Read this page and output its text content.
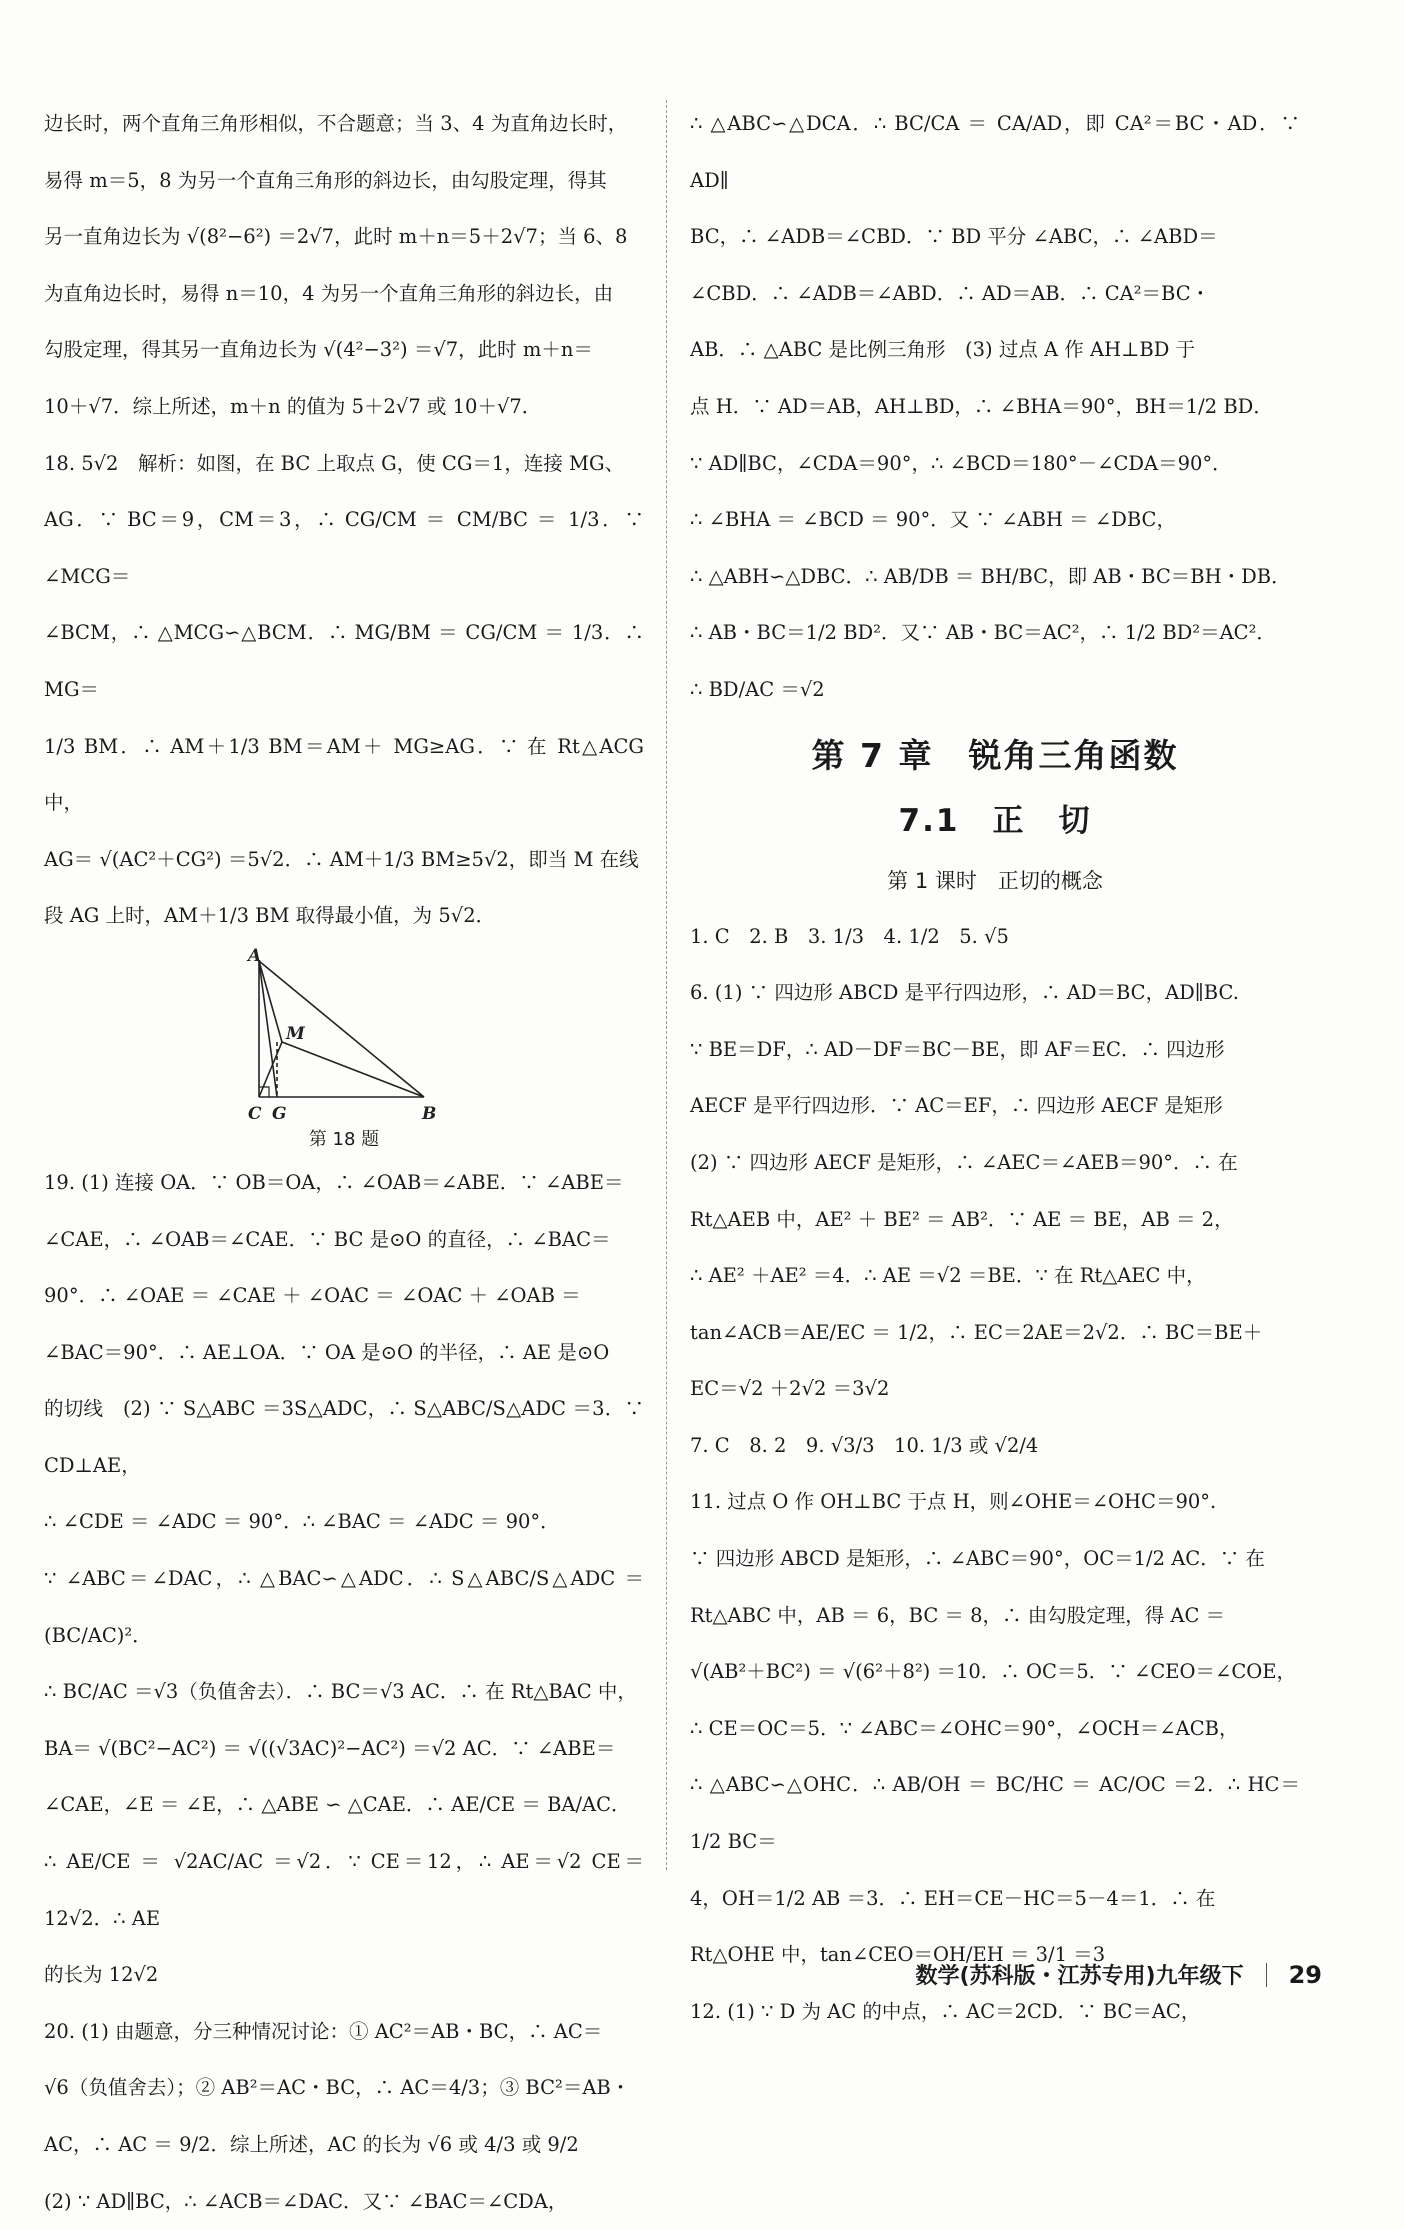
边长时，两个直角三角形相似，不合题意；当 3、4 为直角边长时，

易得 m＝5，8 为另一个直角三角形的斜边长，由勾股定理，得其

另一直角边长为 √(8²−6²) ＝2√7，此时 m＋n＝5＋2√7；当 6、8

为直角边长时，易得 n＝10，4 为另一个直角三角形的斜边长，由

勾股定理，得其另一直角边长为 √(4²−3²) ＝√7，此时 m＋n＝

10＋√7．综上所述，m＋n 的值为 5＋2√7 或 10＋√7．

18. 5√2　解析：如图，在 BC 上取点 G，使 CG＝1，连接 MG、

AG．∵ BC＝9，CM＝3，∴ CG/CM ＝ CM/BC ＝ 1/3．∵ ∠MCG＝

∠BCM，∴ △MCG∽△BCM．∴ MG/BM ＝ CG/CM ＝ 1/3．∴ MG＝

1/3 BM．∴ AM＋1/3 BM＝AM＋ MG≥AG．∵ 在 Rt△ACG 中，

AG＝ √(AC²＋CG²) ＝5√2．∴ AM＋1/3 BM≥5√2，即当 M 在线

段 AG 上时，AM＋1/3 BM 取得最小值，为 5√2．

A
M
C G	B
第 18 题

19. (1) 连接 OA．∵ OB＝OA，∴ ∠OAB＝∠ABE．∵ ∠ABE＝

∠CAE，∴ ∠OAB＝∠CAE．∵ BC 是⊙O 的直径，∴ ∠BAC＝

90°．∴ ∠OAE ＝ ∠CAE ＋ ∠OAC ＝ ∠OAC ＋ ∠OAB ＝

∠BAC＝90°．∴ AE⊥OA．∵ OA 是⊙O 的半径，∴ AE 是⊙O

的切线　(2) ∵ S△ABC ＝3S△ADC，∴ S△ABC/S△ADC ＝3．∵ CD⊥AE，

∴ ∠CDE ＝ ∠ADC ＝ 90°．∴ ∠BAC ＝ ∠ADC ＝ 90°．

∵ ∠ABC＝∠DAC，∴ △BAC∽△ADC．∴ S△ABC/S△ADC ＝(BC/AC)²．

∴ BC/AC ＝√3（负值舍去）．∴ BC＝√3 AC．∴ 在 Rt△BAC 中，

BA＝ √(BC²−AC²) ＝ √((√3AC)²−AC²) ＝√2 AC．∵ ∠ABE＝

∠CAE，∠E ＝ ∠E，∴ △ABE ∽ △CAE．∴ AE/CE ＝ BA/AC．

∴ AE/CE ＝ √2AC/AC ＝√2．∵ CE＝12，∴ AE＝√2 CE＝12√2．∴ AE

的长为 12√2

20. (1) 由题意，分三种情况讨论：① AC²＝AB・BC，∴ AC＝

√6（负值舍去）；② AB²＝AC・BC，∴ AC＝4/3；③ BC²＝AB・

AC，∴ AC ＝ 9/2．综上所述，AC 的长为 √6 或 4/3 或 9/2

(2) ∵ AD∥BC，∴ ∠ACB＝∠DAC．又∵ ∠BAC＝∠CDA，

∴ △ABC∽△DCA．∴ BC/CA ＝ CA/AD，即 CA²＝BC・AD．∵ AD∥

BC，∴ ∠ADB＝∠CBD．∵ BD 平分 ∠ABC，∴ ∠ABD＝

∠CBD．∴ ∠ADB＝∠ABD．∴ AD＝AB．∴ CA²＝BC・

AB．∴ △ABC 是比例三角形　(3) 过点 A 作 AH⊥BD 于

点 H．∵ AD＝AB，AH⊥BD，∴ ∠BHA＝90°，BH＝1/2 BD．

∵ AD∥BC，∠CDA＝90°，∴ ∠BCD＝180°－∠CDA＝90°．

∴ ∠BHA ＝ ∠BCD ＝ 90°．又 ∵ ∠ABH ＝ ∠DBC，

∴ △ABH∽△DBC．∴ AB/DB ＝ BH/BC，即 AB・BC＝BH・DB．

∴ AB・BC＝1/2 BD²．又∵ AB・BC＝AC²，∴ 1/2 BD²＝AC²．

∴ BD/AC ＝√2

第 7 章　锐角三角函数
7.1　正　切
第 1 课时　正切的概念

1. C　2. B　3. 1/3　4. 1/2　5. √5

6. (1) ∵ 四边形 ABCD 是平行四边形，∴ AD＝BC，AD∥BC.

∵ BE＝DF，∴ AD－DF＝BC－BE，即 AF＝EC．∴ 四边形

AECF 是平行四边形．∵ AC＝EF，∴ 四边形 AECF 是矩形

(2) ∵ 四边形 AECF 是矩形，∴ ∠AEC＝∠AEB＝90°．∴ 在

Rt△AEB 中，AE² ＋ BE² ＝ AB²．∵ AE ＝ BE，AB ＝ 2，

∴ AE² ＋AE² ＝4．∴ AE ＝√2 ＝BE．∵ 在 Rt△AEC 中，

tan∠ACB＝AE/EC ＝ 1/2，∴ EC＝2AE＝2√2．∴ BC＝BE＋

EC＝√2 ＋2√2 ＝3√2

7. C　8. 2　9. √3/3　10. 1/3 或 √2/4

11. 过点 O 作 OH⊥BC 于点 H，则∠OHE＝∠OHC＝90°.

∵ 四边形 ABCD 是矩形，∴ ∠ABC＝90°，OC＝1/2 AC．∵ 在

Rt△ABC 中，AB ＝ 6，BC ＝ 8，∴ 由勾股定理，得 AC ＝

√(AB²＋BC²) ＝ √(6²＋8²) ＝10．∴ OC＝5．∵ ∠CEO＝∠COE，

∴ CE＝OC＝5．∵ ∠ABC＝∠OHC＝90°，∠OCH＝∠ACB，

∴ △ABC∽△OHC．∴ AB/OH ＝ BC/HC ＝ AC/OC ＝2．∴ HC＝1/2 BC＝

4，OH＝1/2 AB ＝3．∴ EH＝CE－HC＝5－4＝1．∴ 在

Rt△OHE 中，tan∠CEO＝OH/EH ＝ 3/1 ＝3

12. (1) ∵ D 为 AC 的中点，∴ AC＝2CD．∵ BC＝AC，

数学(苏科版・江苏专用)九年级下 29
